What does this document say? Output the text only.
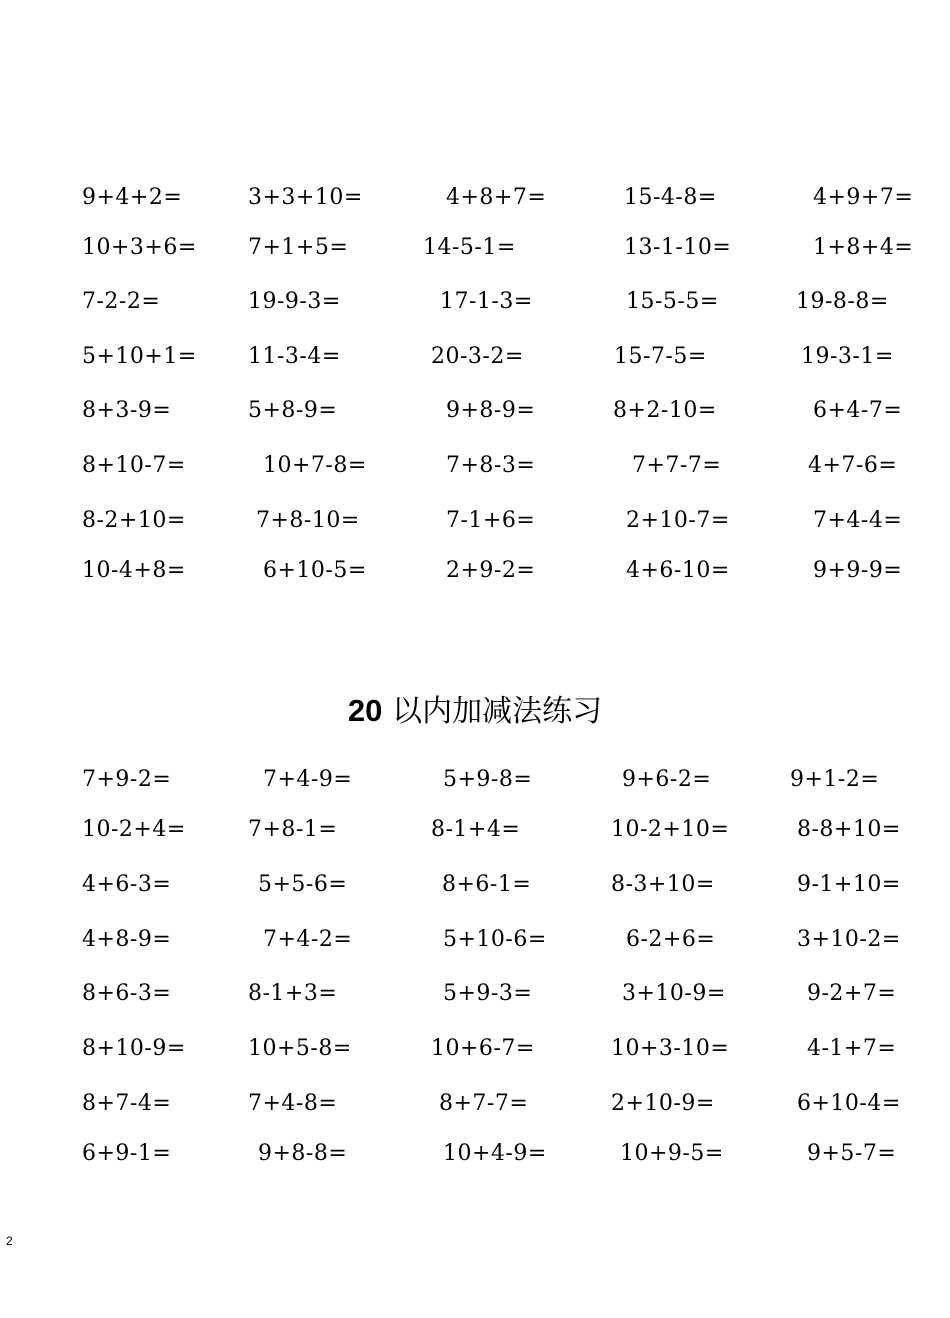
9+4+2=	3+3+10=	4+8+7=	15-4-8=	4+9+7=
10+3+6= 7+1+5=	14-5-1=	13-1-10=	1+8+4=
7-2-2=	19-9-3=	17-1-3=	15-5-5=	19-8-8=
5+10+1= 11-3-4=	20-3-2=	15-7-5=	19-3-1=
8+3-9=	5+8-9=	9+8-9=	8+2-10=	6+4-7=
8+10-7=	10+7-8=	7+8-3=	7+7-7=	4+7-6=
8-2+10=	7+8-10=	7-1+6=	2+10-7=	7+4-4=
10-4+8=	6+10-5=	2+9-2=	4+6-10=	9+9-9=
20 以内加减法练习
7+9-2=	7+4-9=	5+9-8=	9+6-2=	9+1-2=
10-2+4=	7+8-1=	8-1+4=	10-2+10=	8-8+10=
4+6-3=	5+5-6=	8+6-1=	8-3+10=	9-1+10=
4+8-9=	7+4-2=	5+10-6=	6-2+6=	3+10-2=
8+6-3=	8-1+3=	5+9-3=	3+10-9=	9-2+7=
8+10-9=	10+5-8=	10+6-7=	10+3-10=	4-1+7=
8+7-4=	7+4-8=	8+7-7=	2+10-9=	6+10-4=
6+9-1=	9+8-8=	10+4-9=	10+9-5=	9+5-7=
2
